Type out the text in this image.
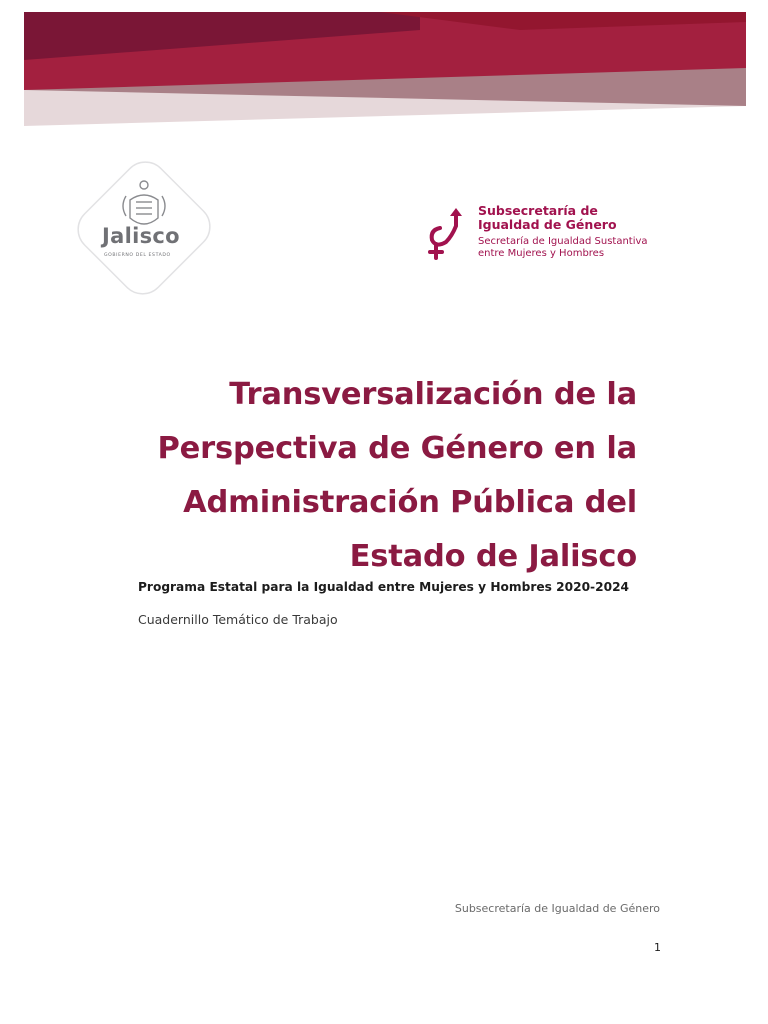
Jalisco
GOBIERNO DEL ESTADO

Subsecretaría de

Igualdad de Género

Secretaría de Igualdad Sustantiva

entre Mujeres y Hombres

Transversalización de la
Perspectiva de Género en la
Administración Pública del
Estado de Jalisco
Programa Estatal para la Igualdad entre Mujeres y Hombres 2020-2024
Cuadernillo Temático de Trabajo
Subsecretaría de Igualdad de Género
1
